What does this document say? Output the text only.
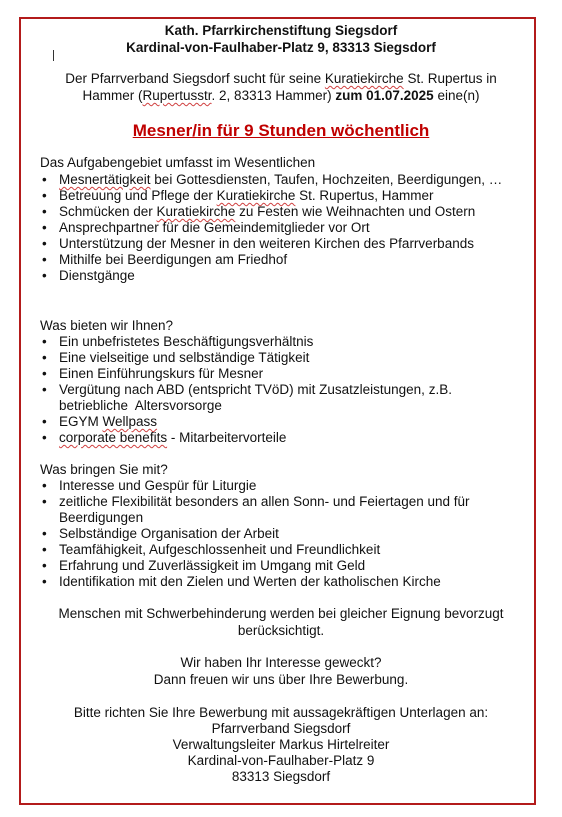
Kath. Pfarrkirchenstiftung Siegsdorf
Kardinal-von-Faulhaber-Platz 9, 83313 Siegsdorf
Der Pfarrverband Siegsdorf sucht für seine Kuratiekirche St. Rupertus in
Hammer (Rupertusstr. 2, 83313 Hammer) zum 01.07.2025 eine(n)
Mesner/in für 9 Stunden wöchentlich
Das Aufgabengebiet umfasst im Wesentlichen
• Mesnertätigkeit bei Gottesdiensten, Taufen, Hochzeiten, Beerdigungen, …
• Betreuung und Pflege der Kuratiekirche St. Rupertus, Hammer
• Schmücken der Kuratiekirche zu Festen wie Weihnachten und Ostern
• Ansprechpartner für die Gemeindemitglieder vor Ort
• Unterstützung der Mesner in den weiteren Kirchen des Pfarrverbands
• Mithilfe bei Beerdigungen am Friedhof
• Dienstgänge
Was bieten wir Ihnen?
• Ein unbefristetes Beschäftigungsverhältnis
• Eine vielseitige und selbständige Tätigkeit
• Einen Einführungskurs für Mesner
• Vergütung nach ABD (entspricht TVöD) mit Zusatzleistungen, z.B.
betriebliche  Altersvorsorge
• EGYM Wellpass
• corporate benefits - Mitarbeitervorteile
Was bringen Sie mit?
• Interesse und Gespür für Liturgie
• zeitliche Flexibilität besonders an allen Sonn- und Feiertagen und für
Beerdigungen
• Selbständige Organisation der Arbeit
• Teamfähigkeit, Aufgeschlossenheit und Freundlichkeit
• Erfahrung und Zuverlässigkeit im Umgang mit Geld
• Identifikation mit den Zielen und Werten der katholischen Kirche
Menschen mit Schwerbehinderung werden bei gleicher Eignung bevorzugt
berücksichtigt.
Wir haben Ihr Interesse geweckt?
Dann freuen wir uns über Ihre Bewerbung.
Bitte richten Sie Ihre Bewerbung mit aussagekräftigen Unterlagen an:
Pfarrverband Siegsdorf
Verwaltungsleiter Markus Hirtelreiter
Kardinal-von-Faulhaber-Platz 9
83313 Siegsdorf
